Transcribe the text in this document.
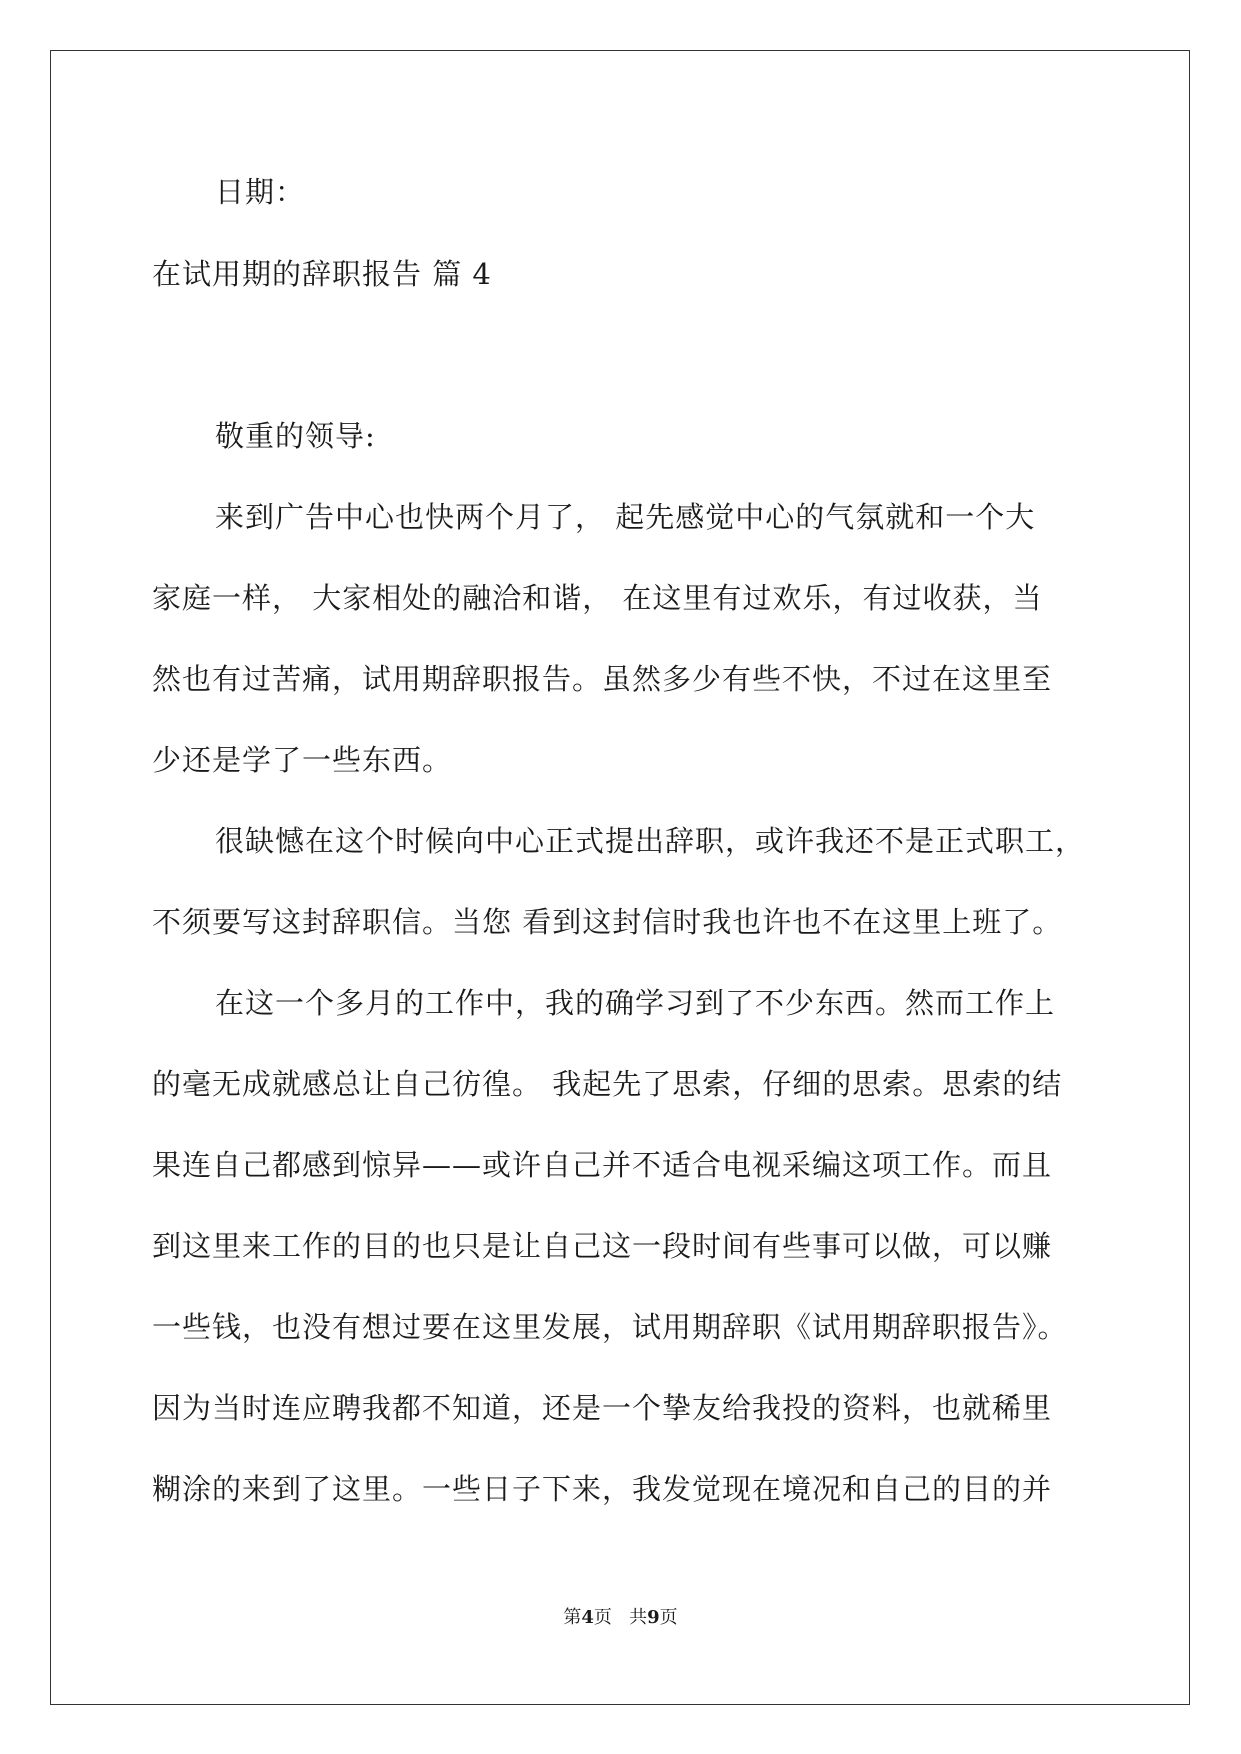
日期：
在试用期的辞职报告 篇 4
敬重的领导:
来到广告中心也快两个月了， 起先感觉中心的气氛就和一个大
家庭一样， 大家相处的融洽和谐， 在这里有过欢乐，有过收获，当
然也有过苦痛，试用期辞职报告。虽然多少有些不快，不过在这里至
少还是学了一些东西。
很缺憾在这个时候向中心正式提出辞职，或许我还不是正式职工，
不须要写这封辞职信。当您 看到这封信时我也许也不在这里上班了。
在这一个多月的工作中，我的确学习到了不少东西。然而工作上
的毫无成就感总让自己彷徨。 我起先了思索，仔细的思索。思索的结
果连自己都感到惊异——或许自己并不适合电视采编这项工作。而且
到这里来工作的目的也只是让自己这一段时间有些事可以做，可以赚
一些钱，也没有想过要在这里发展，试用期辞职《试用期辞职报告》。
因为当时连应聘我都不知道，还是一个挚友给我投的资料，也就稀里
糊涂的来到了这里。一些日子下来，我发觉现在境况和自己的目的并
第4页 共9页
